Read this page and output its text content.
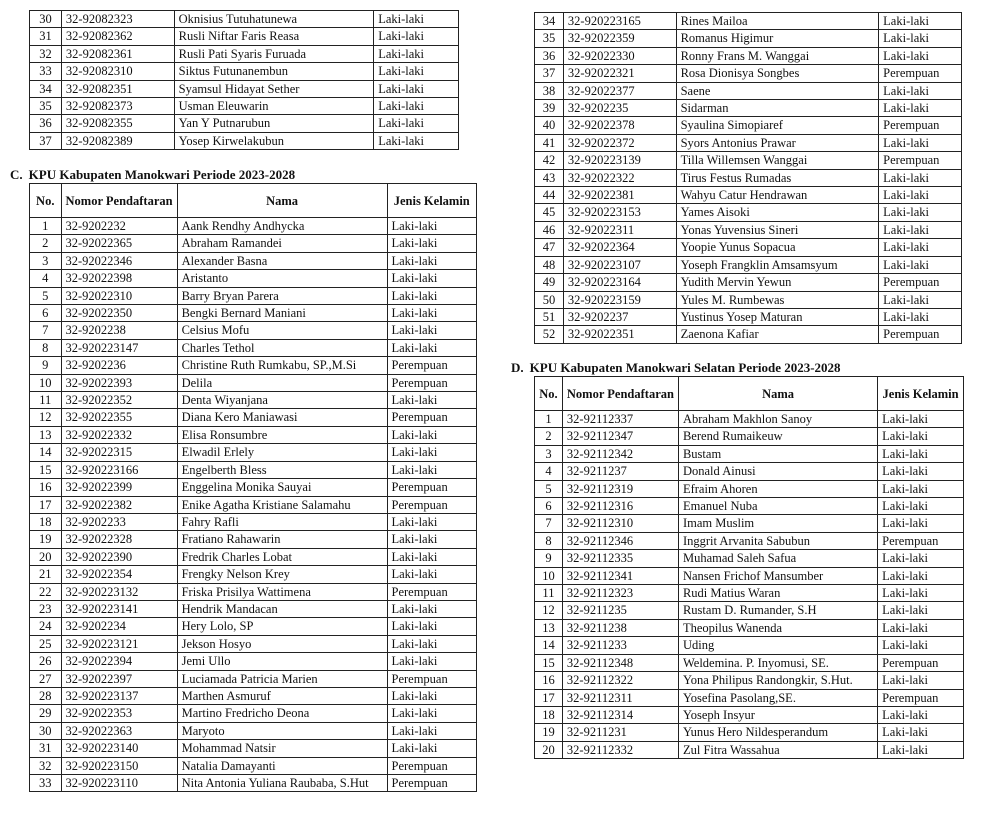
30	32-92082323	Oknisius Tutuhatunewa	Laki-laki
31	32-92082362	Rusli Niftar Faris Reasa	Laki-laki
32	32-92082361	Rusli Pati Syaris Furuada	Laki-laki
33	32-92082310	Siktus Futunanembun	Laki-laki
34	32-92082351	Syamsul Hidayat Sether	Laki-laki
35	32-92082373	Usman Eleuwarin	Laki-laki
36	32-92082355	Yan Y Putnarubun	Laki-laki
37	32-92082389	Yosep Kirwelakubun	Laki-laki
C. KPU Kabupaten Manokwari Periode 2023-2028
No.	Nomor Pendaftaran	Nama	Jenis Kelamin
1	32-9202232	Aank Rendhy Andhycka	Laki-laki
2	32-92022365	Abraham Ramandei	Laki-laki
3	32-92022346	Alexander Basna	Laki-laki
4	32-92022398	Aristanto	Laki-laki
5	32-92022310	Barry Bryan Parera	Laki-laki
6	32-92022350	Bengki Bernard Maniani	Laki-laki
7	32-9202238	Celsius Mofu	Laki-laki
8	32-920223147	Charles Tethol	Laki-laki
9	32-9202236	Christine Ruth Rumkabu, SP.,M.Si	Perempuan
10	32-92022393	Delila	Perempuan
11	32-92022352	Denta Wiyanjana	Laki-laki
12	32-92022355	Diana Kero Maniawasi	Perempuan
13	32-92022332	Elisa Ronsumbre	Laki-laki
14	32-92022315	Elwadil Erlely	Laki-laki
15	32-920223166	Engelberth Bless	Laki-laki
16	32-92022399	Enggelina Monika Sauyai	Perempuan
17	32-92022382	Enike Agatha Kristiane Salamahu	Perempuan
18	32-9202233	Fahry Rafli	Laki-laki
19	32-92022328	Fratiano Rahawarin	Laki-laki
20	32-92022390	Fredrik Charles Lobat	Laki-laki
21	32-92022354	Frengky Nelson Krey	Laki-laki
22	32-920223132	Friska Prisilya Wattimena	Perempuan
23	32-920223141	Hendrik Mandacan	Laki-laki
24	32-9202234	Hery Lolo, SP	Laki-laki
25	32-920223121	Jekson Hosyo	Laki-laki
26	32-92022394	Jemi Ullo	Laki-laki
27	32-92022397	Luciamada Patricia Marien	Perempuan
28	32-920223137	Marthen Asmuruf	Laki-laki
29	32-92022353	Martino Fredricho Deona	Laki-laki
30	32-92022363	Maryoto	Laki-laki
31	32-920223140	Mohammad Natsir	Laki-laki
32	32-920223150	Natalia Damayanti	Perempuan
33	32-920223110	Nita Antonia Yuliana Raubaba, S.Hut	Perempuan
34	32-920223165	Rines Mailoa	Laki-laki
35	32-92022359	Romanus Higimur	Laki-laki
36	32-92022330	Ronny Frans M. Wanggai	Laki-laki
37	32-92022321	Rosa Dionisya Songbes	Perempuan
38	32-92022377	Saene	Laki-laki
39	32-9202235	Sidarman	Laki-laki
40	32-92022378	Syaulina Simopiaref	Perempuan
41	32-92022372	Syors Antonius Prawar	Laki-laki
42	32-920223139	Tilla Willemsen Wanggai	Perempuan
43	32-92022322	Tirus Festus Rumadas	Laki-laki
44	32-92022381	Wahyu Catur Hendrawan	Laki-laki
45	32-920223153	Yames Aisoki	Laki-laki
46	32-92022311	Yonas Yuvensius Sineri	Laki-laki
47	32-92022364	Yoopie Yunus Sopacua	Laki-laki
48	32-920223107	Yoseph Frangklin Amsamsyum	Laki-laki
49	32-920223164	Yudith Mervin Yewun	Perempuan
50	32-920223159	Yules M. Rumbewas	Laki-laki
51	32-9202237	Yustinus Yosep Maturan	Laki-laki
52	32-92022351	Zaenona Kafiar	Perempuan
D. KPU Kabupaten Manokwari Selatan Periode 2023-2028
No.	Nomor Pendaftaran	Nama	Jenis Kelamin
1	32-92112337	Abraham Makhlon Sanoy	Laki-laki
2	32-92112347	Berend Rumaikeuw	Laki-laki
3	32-92112342	Bustam	Laki-laki
4	32-9211237	Donald Ainusi	Laki-laki
5	32-92112319	Efraim Ahoren	Laki-laki
6	32-92112316	Emanuel Nuba	Laki-laki
7	32-92112310	Imam Muslim	Laki-laki
8	32-92112346	Inggrit Arvanita Sabubun	Perempuan
9	32-92112335	Muhamad Saleh Safua	Laki-laki
10	32-92112341	Nansen Frichof Mansumber	Laki-laki
11	32-92112323	Rudi Matius Waran	Laki-laki
12	32-9211235	Rustam D. Rumander, S.H	Laki-laki
13	32-9211238	Theopilus Wanenda	Laki-laki
14	32-9211233	Uding	Laki-laki
15	32-92112348	Weldemina. P. Inyomusi, SE.	Perempuan
16	32-92112322	Yona Philipus Randongkir, S.Hut.	Laki-laki
17	32-92112311	Yosefina Pasolang,SE.	Perempuan
18	32-92112314	Yoseph Insyur	Laki-laki
19	32-9211231	Yunus Hero Nildesperandum	Laki-laki
20	32-92112332	Zul Fitra Wassahua	Laki-laki
